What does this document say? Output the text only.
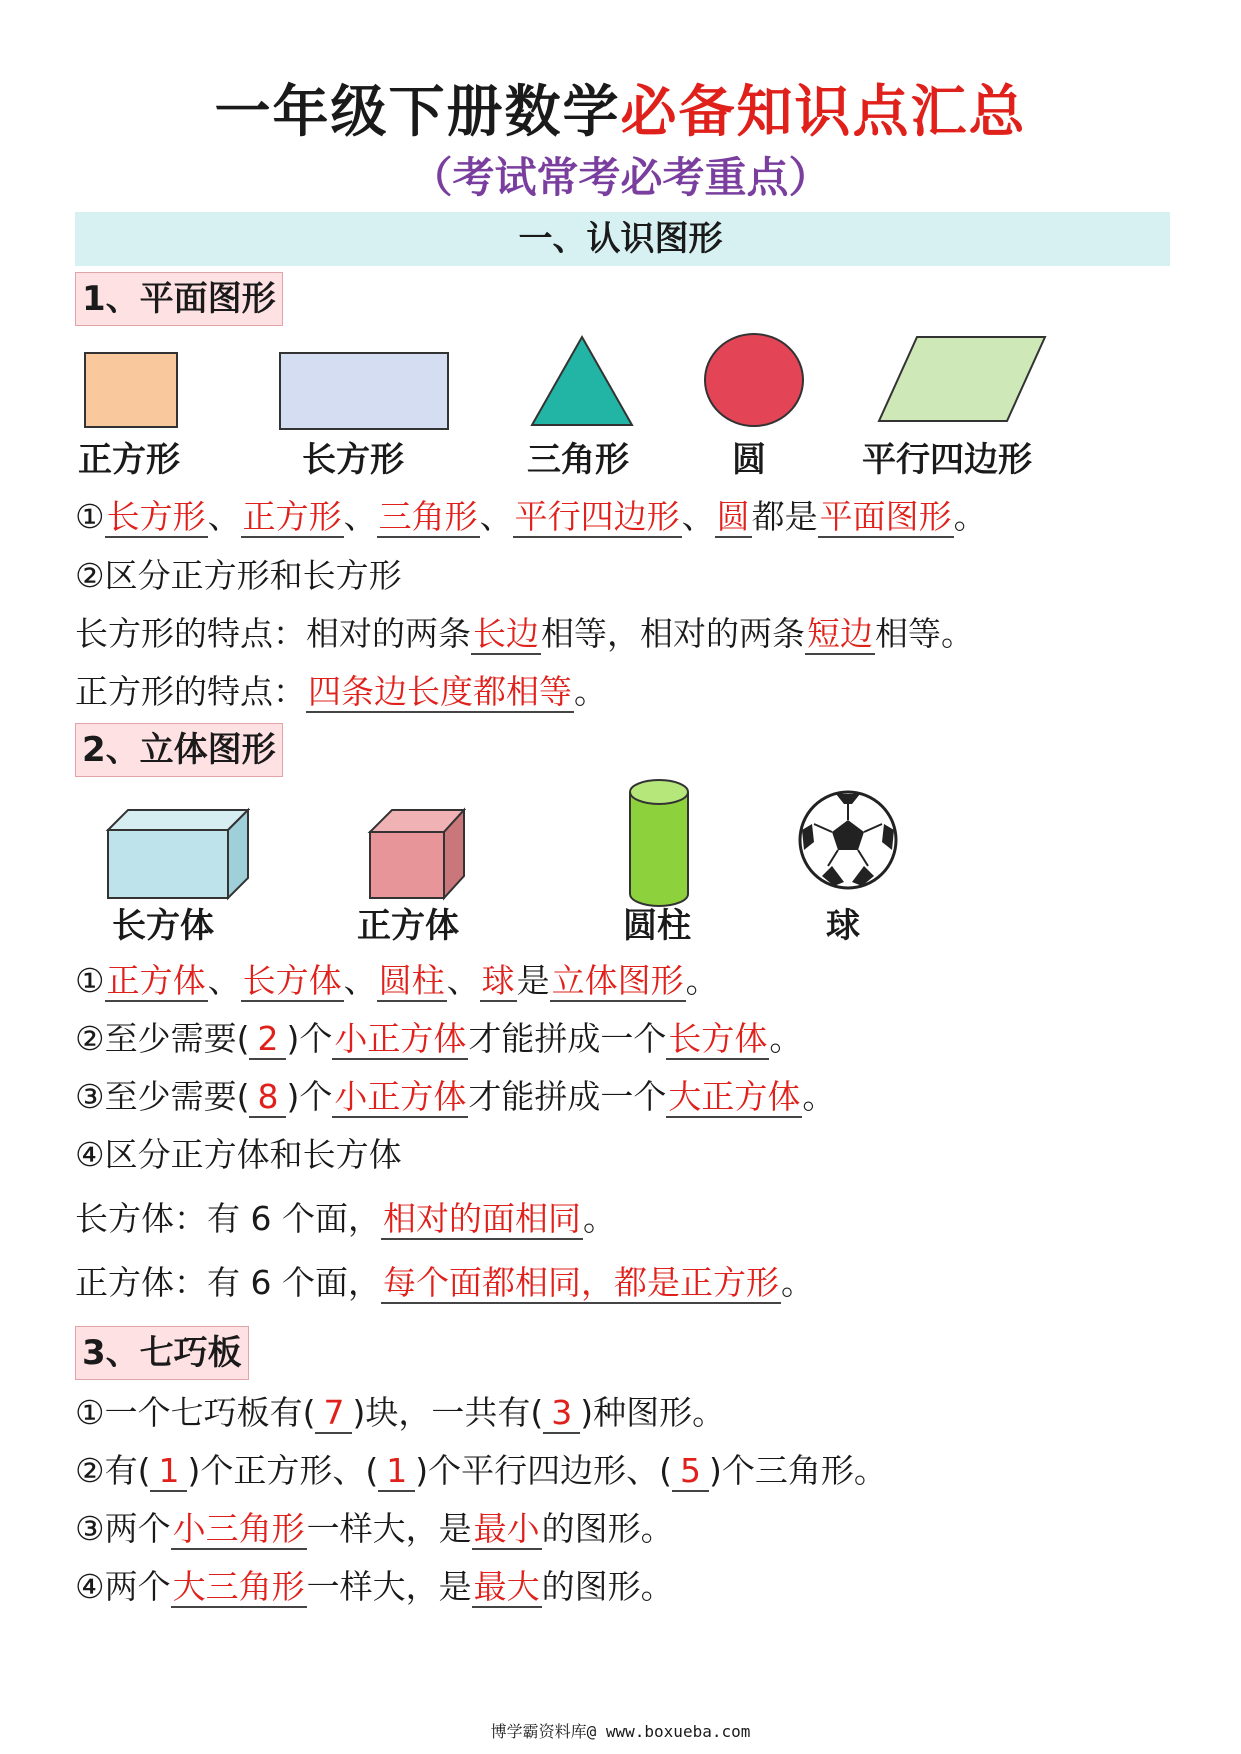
一年级下册数学必备知识点汇总
（考试常考必考重点）
一、认识图形
1、平面图形
正方形	长方形	三角形	圆	平行四边形
①长方形、正方形、三角形、平行四边形、圆都是平面图形。
②区分正方形和长方形
长方形的特点：相对的两条长边相等，相对的两条短边相等。
正方形的特点：四条边长度都相等。
2、立体图形
长方体	正方体	圆柱	球
①正方体、长方体、圆柱、球是立体图形。
②至少需要( 2 )个小正方体才能拼成一个长方体。
③至少需要( 8 )个小正方体才能拼成一个大正方体。
④区分正方体和长方体
长方体：有 6 个面，相对的面相同。
正方体：有 6 个面，每个面都相同，都是正方形。
3、七巧板
①一个七巧板有( 7 )块，一共有( 3 )种图形。
②有( 1 )个正方形、( 1 )个平行四边形、( 5 )个三角形。
③两个小三角形一样大，是最小的图形。
④两个大三角形一样大，是最大的图形。
博学霸资料库@ www.boxueba.com
